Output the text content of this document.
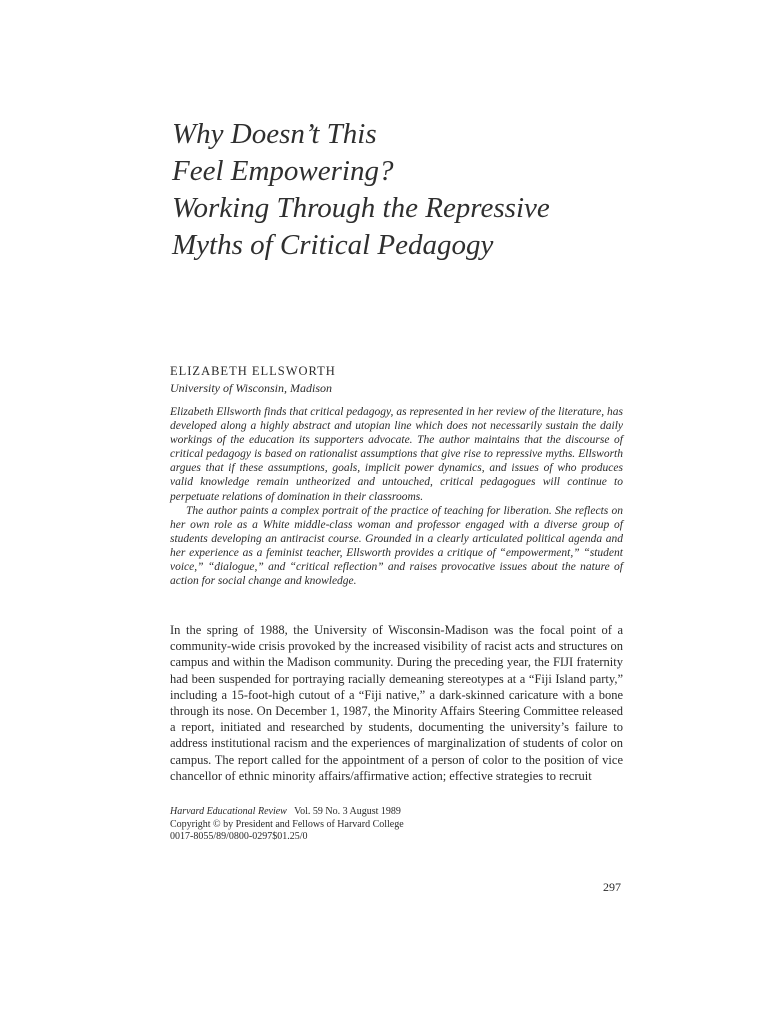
Why Doesn’t This
Feel Empowering?
Working Through the Repressive
Myths of Critical Pedagogy
ELIZABETH ELLSWORTH
University of Wisconsin, Madison

Elizabeth Ellsworth finds that critical pedagogy, as represented in her review of the literature, has developed along a highly abstract and utopian line which does not necessarily sustain the daily workings of the education its supporters advocate. The author maintains that the discourse of critical pedagogy is based on rationalist assumptions that give rise to repressive myths. Ellsworth argues that if these assumptions, goals, implicit power dynamics, and issues of who produces valid knowledge remain untheorized and untouched, critical pedagogues will continue to perpetuate relations of domination in their classrooms.

The author paints a complex portrait of the practice of teaching for liberation. She reflects on her own role as a White middle-class woman and professor engaged with a diverse group of students developing an antiracist course. Grounded in a clearly articulated political agenda and her experience as a feminist teacher, Ellsworth provides a critique of “empowerment,” “student voice,” “dialogue,” and “critical reflection” and raises provocative issues about the nature of action for social change and knowledge.

In the spring of 1988, the University of Wisconsin-Madison was the focal point of a community-wide crisis provoked by the increased visibility of racist acts and structures on campus and within the Madison community. During the preceding year, the FIJI fraternity had been suspended for portraying racially demeaning stereotypes at a “Fiji Island party,” including a 15-foot-high cutout of a “Fiji native,” a dark-skinned caricature with a bone through its nose. On December 1, 1987, the Minority Affairs Steering Committee released a report, initiated and researched by students, documenting the university’s failure to address institutional racism and the experiences of marginalization of students of color on campus. The report called for the appointment of a person of color to the position of vice chancellor of ethnic minority affairs/affirmative action; effective strategies to recruit

Harvard Educational Review Vol. 59 No. 3 August 1989
Copyright © by President and Fellows of Harvard College
0017-8055/89/0800-0297$01.25/0
297
